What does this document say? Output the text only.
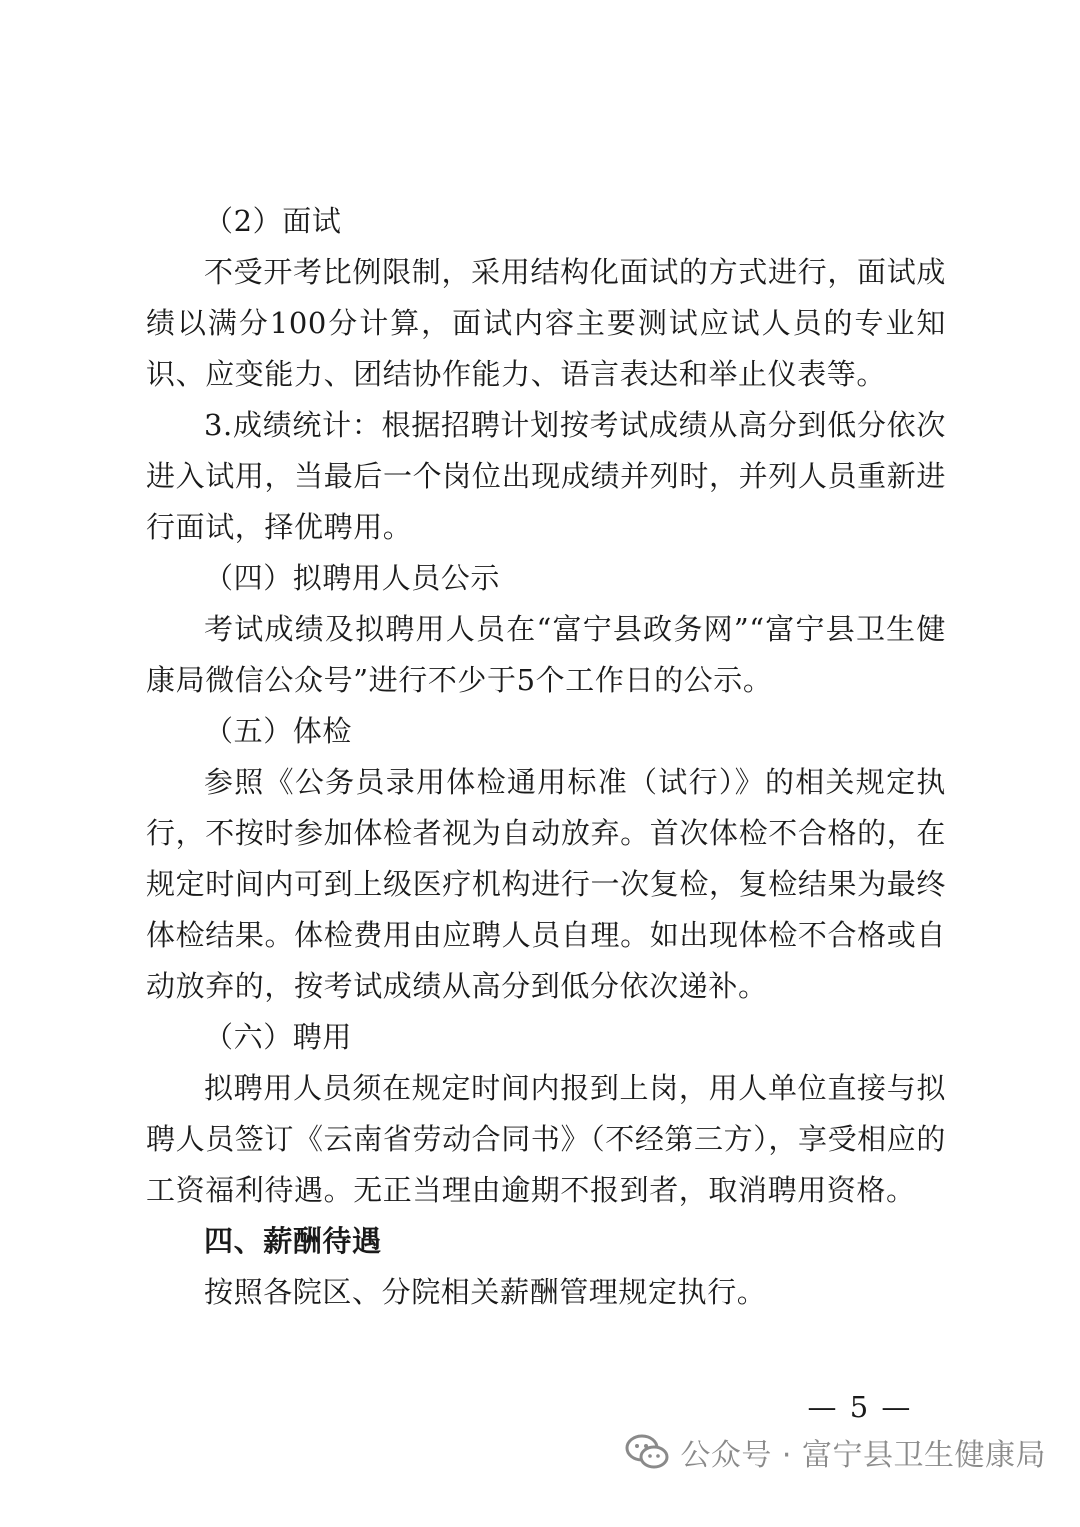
（2）面试

不受开考比例限制，采用结构化面试的方式进行，面试成绩以满分100分计算，面试内容主要测试应试人员的专业知识、应变能力、团结协作能力、语言表达和举止仪表等。

3.成绩统计：根据招聘计划按考试成绩从高分到低分依次进入试用，当最后一个岗位出现成绩并列时，并列人员重新进行面试，择优聘用。

（四）拟聘用人员公示

考试成绩及拟聘用人员在“富宁县政务网”“富宁县卫生健康局微信公众号”进行不少于5个工作日的公示。

（五）体检

参照《公务员录用体检通用标准（试行）》的相关规定执行，不按时参加体检者视为自动放弃。首次体检不合格的，在规定时间内可到上级医疗机构进行一次复检，复检结果为最终体检结果。体检费用由应聘人员自理。如出现体检不合格或自动放弃的，按考试成绩从高分到低分依次递补。

（六）聘用

拟聘用人员须在规定时间内报到上岗，用人单位直接与拟聘人员签订《云南省劳动合同书》（不经第三方），享受相应的工资福利待遇。无正当理由逾期不报到者，取消聘用资格。

四、薪酬待遇

按照各院区、分院相关薪酬管理规定执行。

— 5 —
公众号 · 富宁县卫生健康局
